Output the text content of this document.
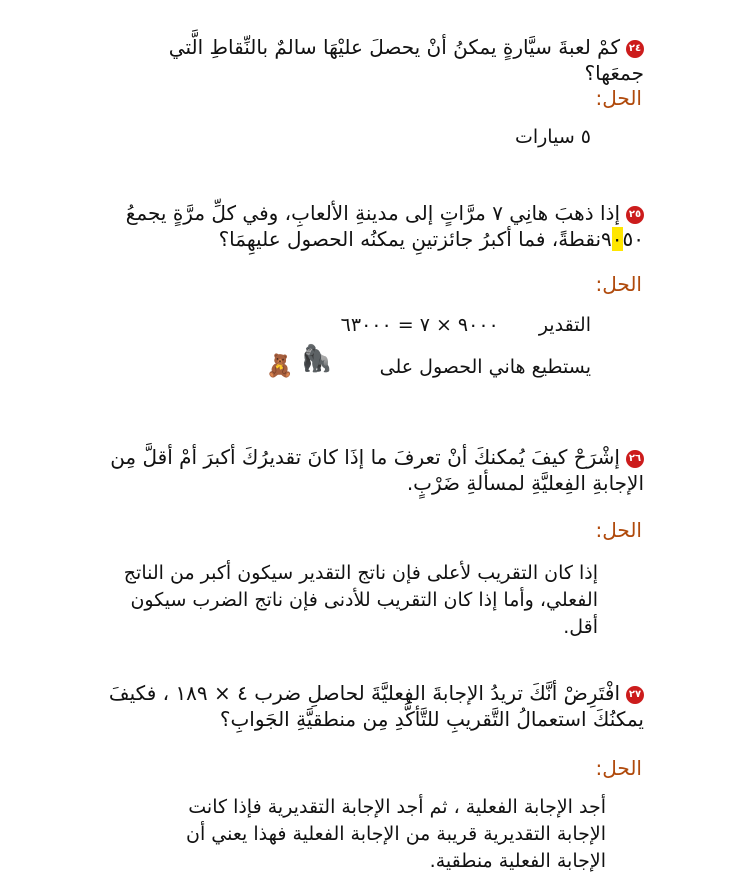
٢٤كمْ لعبةَ سيَّارةٍ يمكنُ أنْ يحصلَ عليْهَا سالمٌ بالنِّقاطِ الَّتي جمعَها؟
الحل:
٥ سيارات
٢٥إذا ذهبَ هانِي ٧ مرَّاتٍ إلى مدينةِ الألعابِ، وفي كلِّ مرَّةٍ يجمعُ
٩٠٥٠نقطةً، فما أكبرُ جائزتينِ يمكنُه الحصول عليهِمَا؟
الحل:
التقدير  ٩٠٠٠ × ٧ = ٦٣٠٠٠
يستطيع هاني الحصول على
🦍
🧸
٢٦إشْرَحْ كيفَ يُمكنكَ أنْ تعرفَ ما إذَا كانَ تقديرُكَ أكبرَ أمْ أقلَّ مِن الإجابةِ الفِعليَّةِ لمسألةِ ضَرْبٍ.
الحل:
إذا كان التقريب لأعلى فإن ناتج التقدير سيكون أكبر من الناتج الفعلي، وأما إذا كان التقريب للأدنى فإن ناتج الضرب سيكون أقل.
٢٧افْتَرِضْ أنَّكَ تريدُ الإجابةَ الفِعليَّةَ لحاصلِ ضرب ٤ × ١٨٩ ، فكيفَ يمكنُكَ استعمالُ التَّقريبِ للتَّأكُّدِ مِن منطقيَّةِ الجَوابِ؟
الحل:
أجد الإجابة الفعلية ، ثم أجد الإجابة التقديرية فإذا كانت الإجابة التقديرية قريبة من الإجابة الفعلية فهذا يعني أن الإجابة الفعلية منطقية.
